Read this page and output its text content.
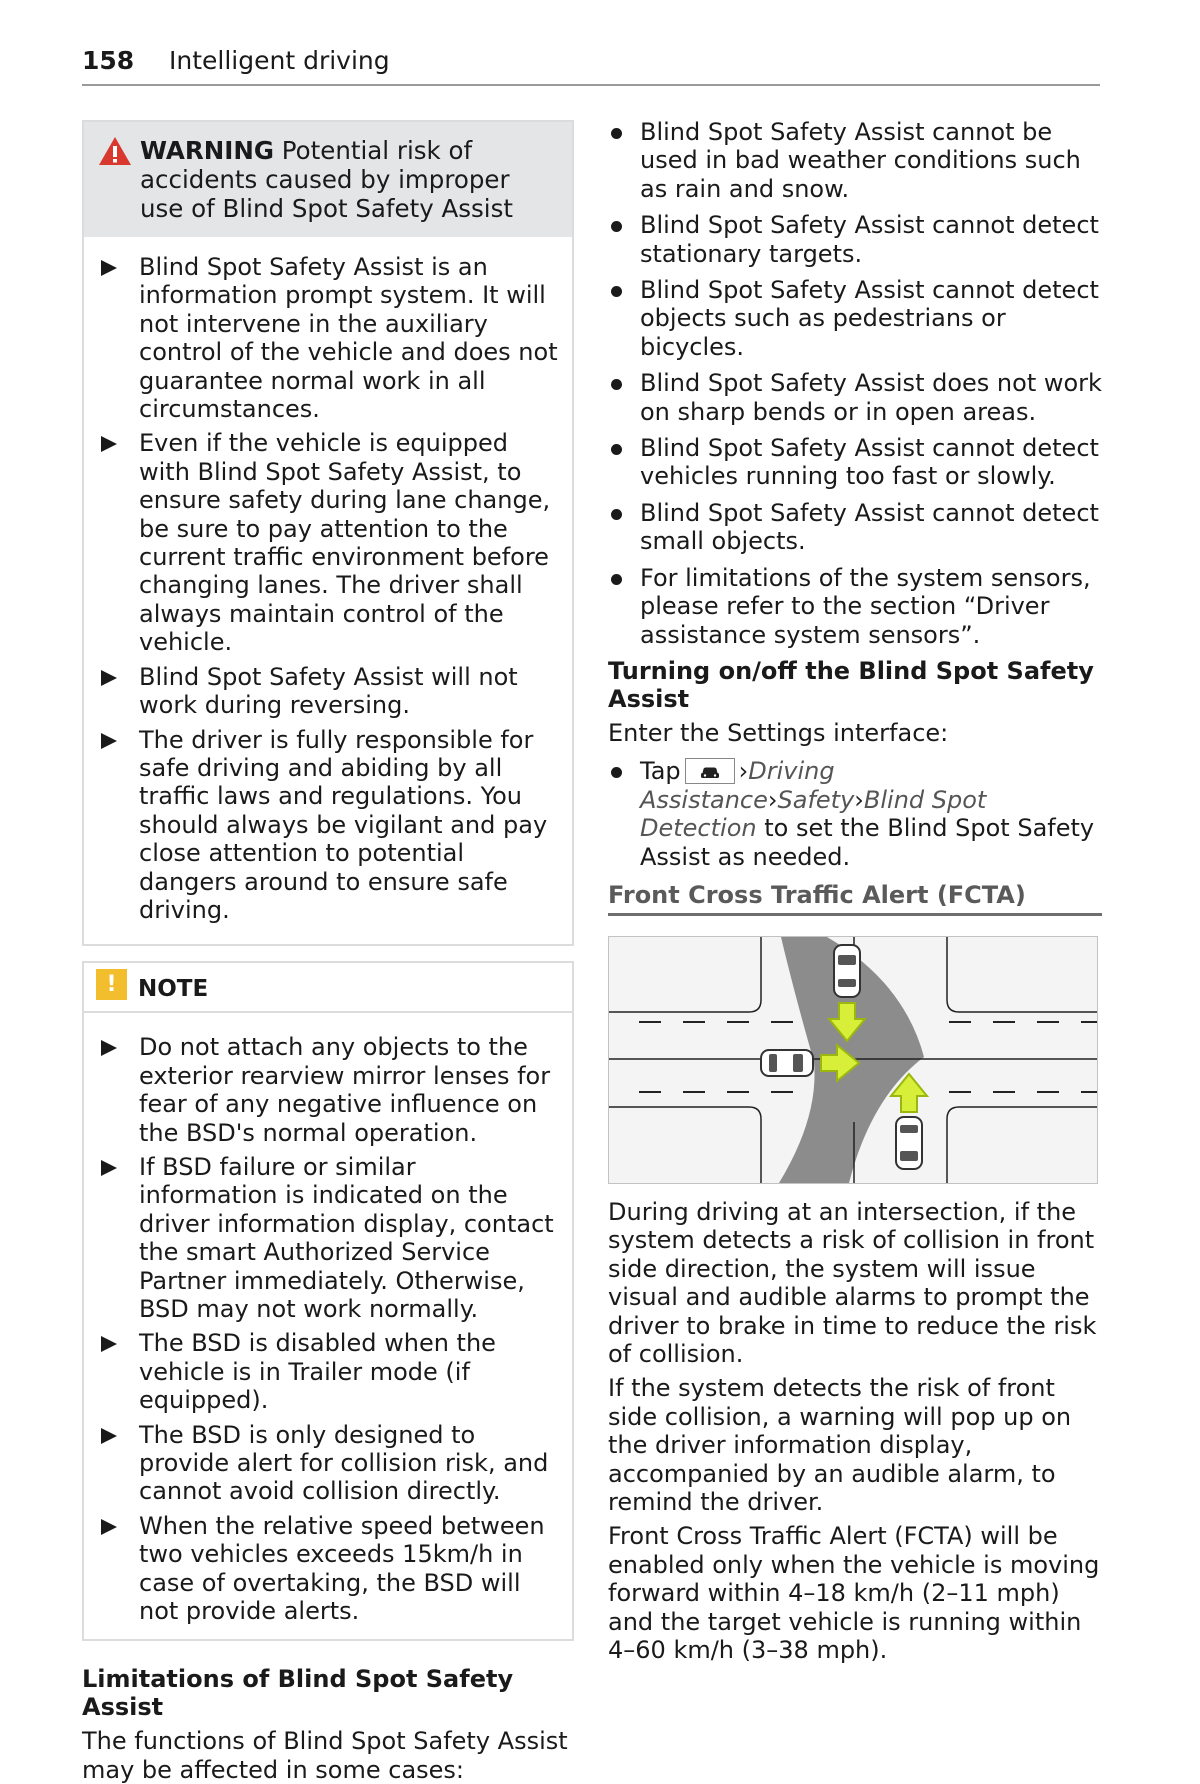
158 Intelligent driving
WARNING Potential risk of accidents caused by improper use of Blind Spot Safety Assist
Blind Spot Safety Assist is an information prompt system. It will not intervene in the auxiliary control of the vehicle and does not guarantee normal work in all circumstances.
Even if the vehicle is equipped with Blind Spot Safety Assist, to ensure safety during lane change, be sure to pay attention to the current traffic environment before changing lanes. The driver shall always maintain control of the vehicle.
Blind Spot Safety Assist will not work during reversing.
The driver is fully responsible for safe driving and abiding by all traffic laws and regulations. You should always be vigilant and pay close attention to potential dangers around to ensure safe driving.
! NOTE
Do not attach any objects to the exterior rearview mirror lenses for fear of any negative influence on the BSD's normal operation.
If BSD failure or similar information is indicated on the driver information display, contact the smart Authorized Service Partner immediately. Otherwise, BSD may not work normally.
The BSD is disabled when the vehicle is in Trailer mode (if equipped).
The BSD is only designed to provide alert for collision risk, and cannot avoid collision directly.
When the relative speed between two vehicles exceeds 15km/h in case of overtaking, the BSD will not provide alerts.
Limitations of Blind Spot Safety Assist

The functions of Blind Spot Safety Assist may be affected in some cases:

Blind Spot Safety Assist cannot be used in bad weather conditions such as rain and snow.
Blind Spot Safety Assist cannot detect stationary targets.
Blind Spot Safety Assist cannot detect objects such as pedestrians or bicycles.
Blind Spot Safety Assist does not work on sharp bends or in open areas.
Blind Spot Safety Assist cannot detect vehicles running too fast or slowly.
Blind Spot Safety Assist cannot detect small objects.
For limitations of the system sensors, please refer to the section “Driver assistance system sensors”.
Turning on/off the Blind Spot Safety Assist

Enter the Settings interface:

Tap ›Driving Assistance›Safety›Blind Spot Detection to set the Blind Spot Safety Assist as needed.
Front Cross Traffic Alert (FCTA)

During driving at an intersection, if the system detects a risk of collision in front side direction, the system will issue visual and audible alarms to prompt the driver to brake in time to reduce the risk of collision.

If the system detects the risk of front side collision, a warning will pop up on the driver information display, accompanied by an audible alarm, to remind the driver.

Front Cross Traffic Alert (FCTA) will be enabled only when the vehicle is moving forward within 4–18 km/h (2–11 mph) and the target vehicle is running within 4–60 km/h (3–38 mph).
